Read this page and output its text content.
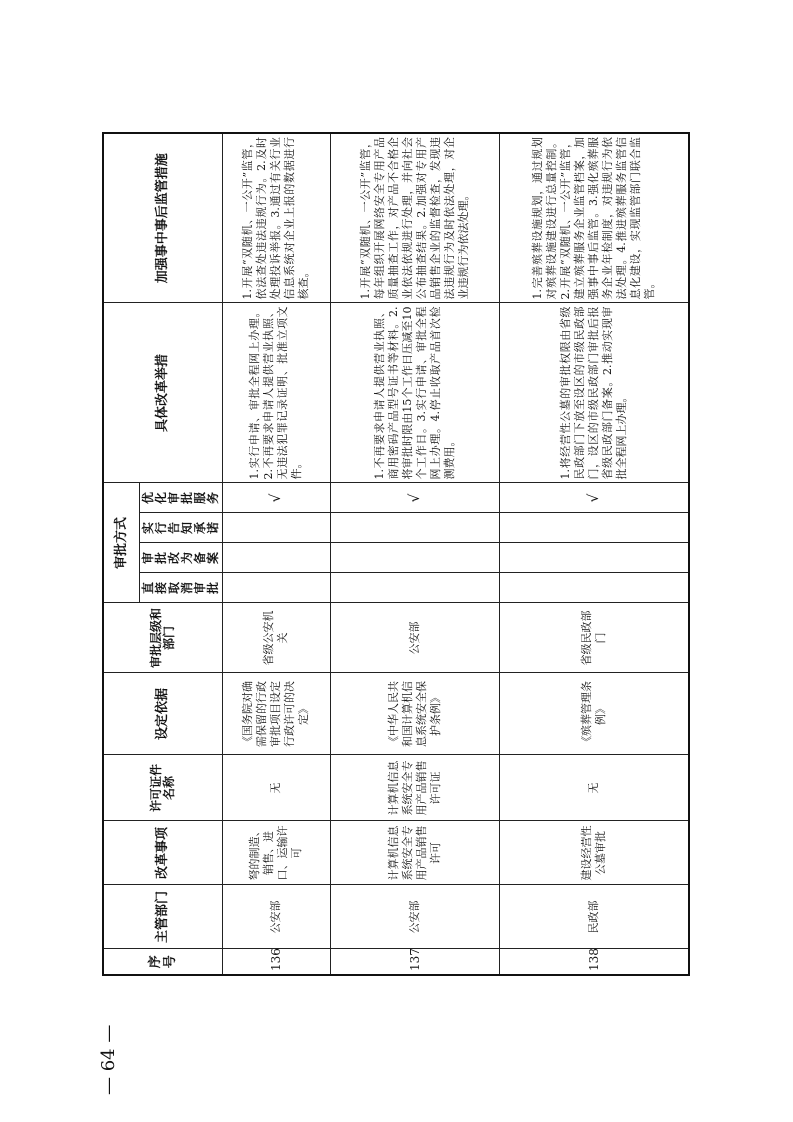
序号	主管部门	改革事项	许可证件名称	设定依据	审批层级和部门	审批方式				具体改革举措	加强事中事后监管措施
						直接取消审批	审批改为备案	实行告知承诺	优化审批服务		
136	公安部	弩的制造、销售、进口、运输许可	无	《国务院对确需保留的行政审批项目设定行政许可的决定》	省级公安机关				√	1.实行申请、审批全程网上办理。2.不再要求申请人提供营业执照、无违法犯罪记录证明、批准立项文件。	1.开展“双随机、一公开”监管，依法查处违法违规行为。2.及时处理投诉举报。3.通过有关行业信息系统对企业上报的数据进行核查。
137	公安部	计算机信息系统安全专用产品销售许可	计算机信息系统安全专用产品销售许可证	《中华人民共和国计算机信息系统安全保护条例》	公安部				√	1.不再要求申请人提供营业执照、商用密码产品型号证书等材料。2.将审批时限由15个工作日压减至10个工作日。3.实行申请、审批全程网上办理。4.停止收取产品首次检测费用。	1.开展“双随机、一公开”监管，每年组织开展网络安全专用产品质量抽查工作，对产品不合格企业依法依规进行处理，并向社会公布抽查结果。2.加强对专用产品销售企业的监督检查，发现违法违规行为及时依法处理，对企业违规行为依法处理。
138	民政部	建设经营性公墓审批	无	《殡葬管理条例》	省级民政部门				√	1.将经营性公墓的审批权限由省级民政部门下放至设区的市级民政部门，设区的市级民政部门审批后报省级民政部门备案。2.推动实现审批全程网上办理。	1.完善殡葬设施规划，通过规划对殡葬设施建设进行总量控制。2.开展“双随机、一公开”监管，建立殡葬服务企业监管档案，加强事中事后监管。3.强化殡葬服务企业年检制度，对违规行为依法处理。4.推进殡葬服务监管信息化建设，实现监管部门联合监管。
— 64 —
